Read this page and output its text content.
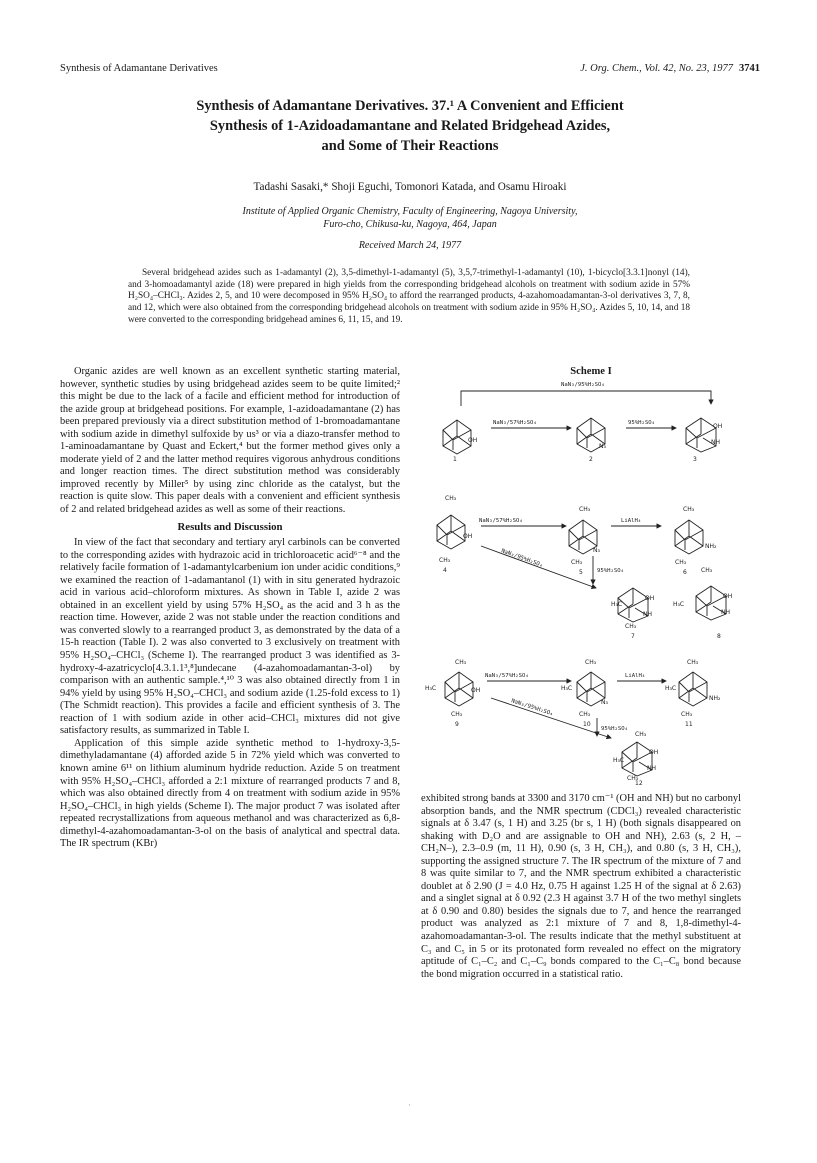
Synthesis of Adamantane Derivatives	J. Org. Chem., Vol. 42, No. 23, 1977 3741
Synthesis of Adamantane Derivatives. 37.¹ A Convenient and Efficient
Synthesis of 1-Azidoadamantane and Related Bridgehead Azides,
and Some of Their Reactions
Tadashi Sasaki,* Shoji Eguchi, Tomonori Katada, and Osamu Hiroaki
Institute of Applied Organic Chemistry, Faculty of Engineering, Nagoya University,
Furo-cho, Chikusa-ku, Nagoya, 464, Japan
Received March 24, 1977
Several bridgehead azides such as 1-adamantyl (2), 3,5-dimethyl-1-adamantyl (5), 3,5,7-trimethyl-1-adamantyl (10), 1-bicyclo[3.3.1]nonyl (14), and 3-homoadamantyl azide (18) were prepared in high yields from the corresponding bridgehead alcohols on treatment with sodium azide in 57% H₂SO₄–CHCl₃. Azides 2, 5, and 10 were decomposed in 95% H₂SO₄ to afford the rearranged products, 4-azahomoadamantan-3-ol derivatives 3, 7, 8, and 12, which were also obtained from the corresponding bridgehead alcohols on treatment with sodium azide in 95% H₂SO₄. Azides 5, 10, 14, and 18 were converted to the corresponding bridgehead amines 6, 11, 15, and 19.

Organic azides are well known as an excellent synthetic starting material, however, synthetic studies by using bridgehead azides seem to be quite limited;² this might be due to the lack of a facile and efficient method for introduction of the azide group at bridgehead positions. For example, 1-azidoadamantane (2) has been prepared previously via a direct substitution method of 1-bromoadamantane with sodium azide in dimethyl sulfoxide by us³ or via a diazo-transfer method to 1-aminoadamantane by Quast and Eckert,⁴ but the former method gives only a moderate yield of 2 and the latter method requires vigorous anhydrous conditions and longer reaction times. The direct substitution method was considerably improved recently by Miller⁵ by using zinc chloride as the catalyst, but the reaction is quite slow. This paper deals with a convenient and efficient synthesis of 2 and related bridgehead azides as well as some of their reactions.

Results and Discussion

In view of the fact that secondary and tertiary aryl carbinols can be converted to the corresponding azides with hydrazoic acid in trichloroacetic acid⁶⁻⁸ and the relatively facile formation of 1-adamantylcarbenium ion under acidic conditions,⁹ we examined the reaction of 1-adamantanol (1) with in situ generated hydrazoic acid in various acid–chloroform mixtures. As shown in Table I, azide 2 was obtained in an excellent yield by using 57% H₂SO₄ as the acid and 3 h as the reaction time. However, azide 2 was not stable under the reaction conditions and was converted slowly to a rearranged product 3, as demonstrated by the data of a 15-h reaction (Table I). 2 was also converted to 3 exclusively on treatment with 95% H₂SO₄–CHCl₃ (Scheme I). The rearranged product 3 was identified as 3-hydroxy-4-azatricyclo[4.3.1.1³,⁸]undecane (4-azahomoadamantan-3-ol) by comparison with an authentic sample.⁴,¹⁰ 3 was also obtained directly from 1 in 94% yield by using 95% H₂SO₄–CHCl₃ and sodium azide (1.25-fold excess to 1) (The Schmidt reaction). This provides a facile and efficient synthesis of 3. The reaction of 1 with sodium azide in other acid–CHCl₃ mixtures did not give satisfactory results, as summarized in Table I.

Application of this simple azide synthetic method to 1-hydroxy-3,5-dimethyladamantane (4) afforded azide 5 in 72% yield which was converted to known amine 6¹¹ on lithium aluminum hydride reduction. Azide 5 on treatment with 95% H₂SO₄–CHCl₃ afforded a 2:1 mixture of rearranged products 7 and 8, which was also obtained directly from 4 on treatment with sodium azide in 95% H₂SO₄–CHCl₃ in high yields (Scheme I). The major product 7 was isolated after repeated recrystallizations from aqueous methanol and was characterized as 6,8-dimethyl-4-azahomoadamantan-3-ol on the basis of analytical and spectral data. The IR spectrum (KBr)

Scheme I
NaN₃/95%H₂SO₄
OH
1
NaN₃/57%H₂SO₄
N₃
2
95%H₂SO₄	OH
NH
3
CH₃
OH
CH₃
4
NaN₃/57%H₂SO₄
CH₃
N₃
CH₃
5
LiAlH₄
CH₃
NH₂
CH₃
6
NaN₃/95%H₂SO₄
95%H₂SO₄
H₃C
OH
NH
CH₃
7
CH₃
H₃C
OH
NH
8
CH₃
H₃C	OH
CH₃
9
NaN₃/57%H₂SO₄
CH₃
H₃C
N₃
CH₃
10
LiAlH₄
CH₃
H₃C
NH₂
CH₃
11
NaN₃/95%H₂SO₄
95%H₂SO₄
CH₃
H₃C
OH
NH
CH₃
12

exhibited strong bands at 3300 and 3170 cm⁻¹ (OH and NH) but no carbonyl absorption bands, and the NMR spectrum (CDCl₃) revealed characteristic signals at δ 3.47 (s, 1 H) and 3.25 (br s, 1 H) (both signals disappeared on shaking with D₂O and are assignable to OH and NH), 2.63 (s, 2 H, –CH₂N–), 2.3–0.9 (m, 11 H), 0.90 (s, 3 H, CH₃), and 0.80 (s, 3 H, CH₃), supporting the assigned structure 7. The IR spectrum of the mixture of 7 and 8 was quite similar to 7, and the NMR spectrum exhibited a characteristic doublet at δ 2.90 (J = 4.0 Hz, 0.75 H against 1.25 H of the signal at δ 2.63) and a singlet signal at δ 0.92 (2.3 H against 3.7 H of the two methyl singlets at δ 0.90 and 0.80) besides the signals due to 7, and hence the rearranged product was analyzed as 2:1 mixture of 7 and 8, 1,8-dimethyl-4-azahomoadamantan-3-ol. The results indicate that the methyl substituent at C₃ and C₅ in 5 or its protonated form revealed no effect on the migratory aptitude of C₁–C₂ and C₁–C₉ bonds compared to the C₁–C₈ bond because the bond migration occurred in a statistical ratio.

·
